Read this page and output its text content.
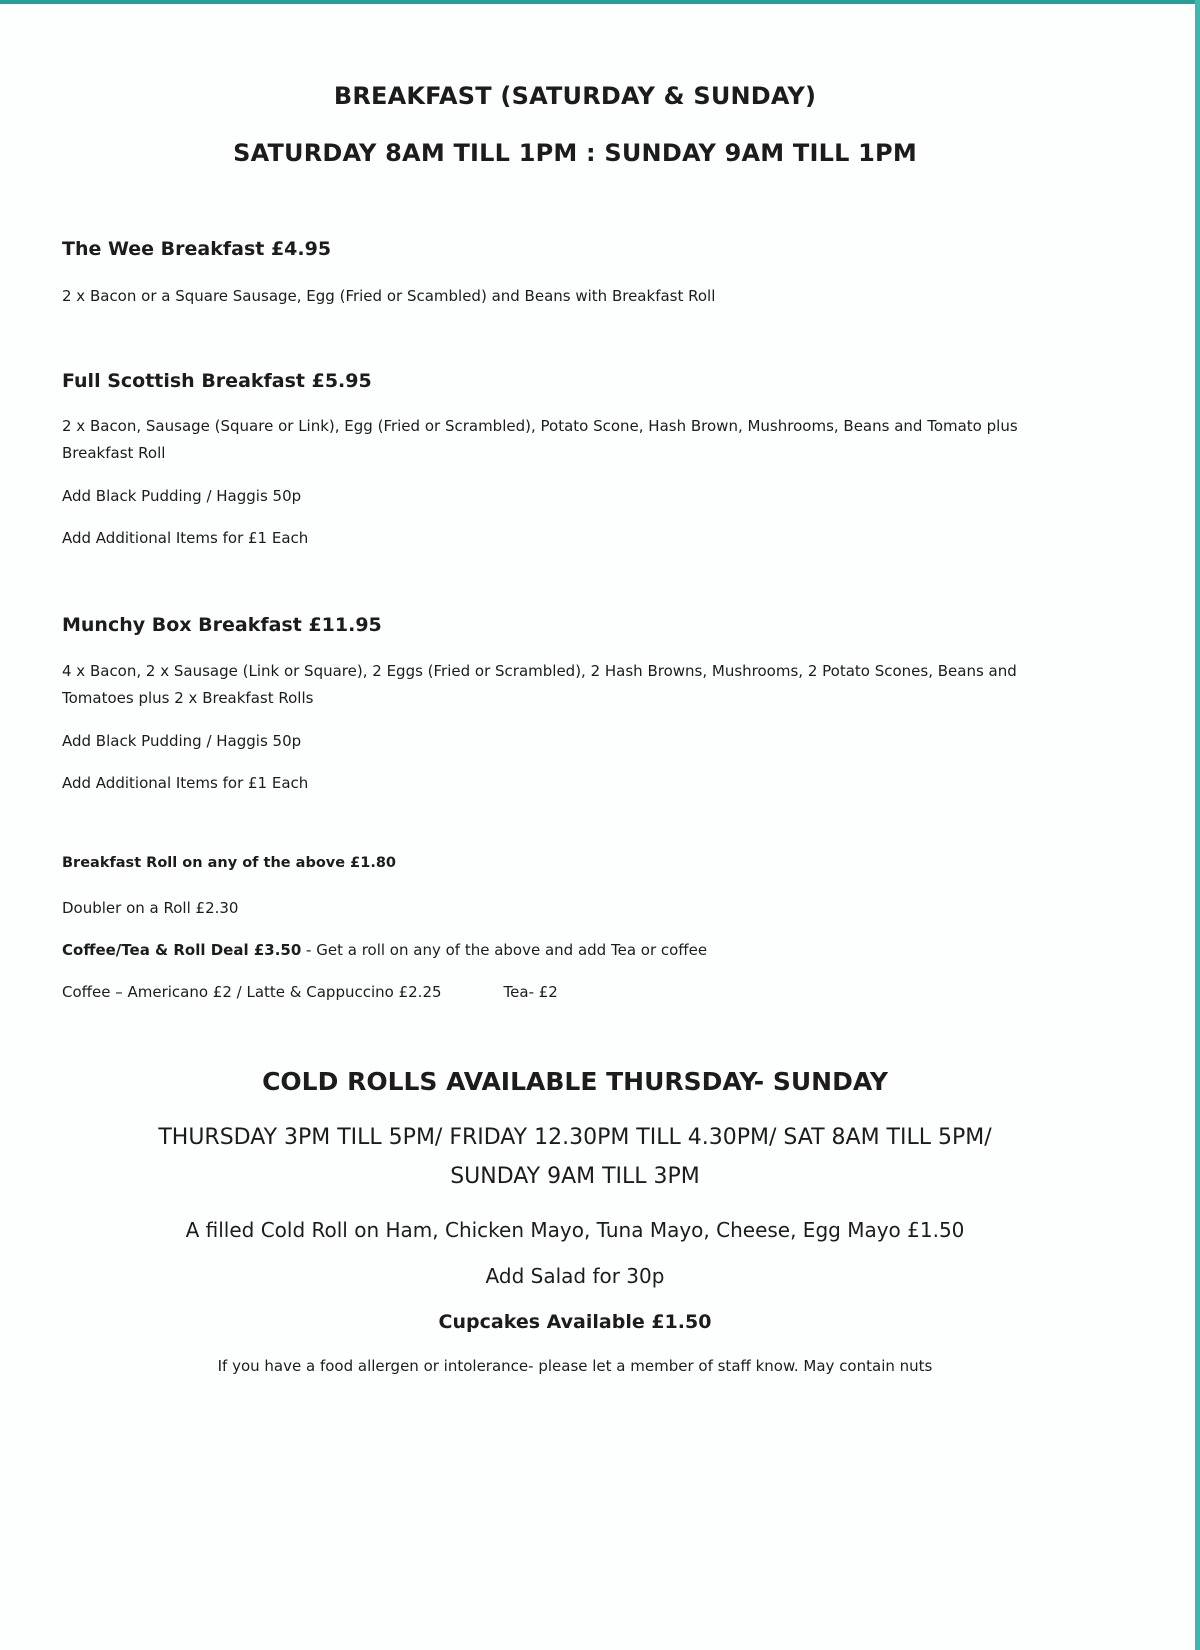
BREAKFAST (SATURDAY & SUNDAY)
SATURDAY 8AM TILL 1PM : SUNDAY 9AM TILL 1PM
The Wee Breakfast £4.95
2 x Bacon or a Square Sausage, Egg (Fried or Scambled) and Beans with Breakfast Roll
Full Scottish Breakfast £5.95
2 x Bacon, Sausage (Square or Link), Egg (Fried or Scrambled), Potato Scone, Hash Brown, Mushrooms, Beans and Tomato plus Breakfast Roll
Add Black Pudding / Haggis 50p
Add Additional Items for £1 Each
Munchy Box Breakfast £11.95
4 x Bacon, 2 x Sausage (Link or Square), 2 Eggs (Fried or Scrambled), 2 Hash Browns, Mushrooms, 2 Potato Scones, Beans and Tomatoes plus 2 x Breakfast Rolls
Add Black Pudding / Haggis 50p
Add Additional Items for £1 Each
Breakfast Roll on any of the above £1.80
Doubler on a Roll £2.30
Coffee/Tea & Roll Deal £3.50 - Get a roll on any of the above and add Tea or coffee
Coffee – Americano £2 / Latte & Cappuccino £2.25	Tea- £2
COLD ROLLS AVAILABLE THURSDAY- SUNDAY
THURSDAY 3PM TILL 5PM/ FRIDAY 12.30PM TILL 4.30PM/ SAT 8AM TILL 5PM/
SUNDAY 9AM TILL 3PM
A filled Cold Roll on Ham, Chicken Mayo, Tuna Mayo, Cheese, Egg Mayo £1.50
Add Salad for 30p
Cupcakes Available £1.50
If you have a food allergen or intolerance- please let a member of staff know. May contain nuts
